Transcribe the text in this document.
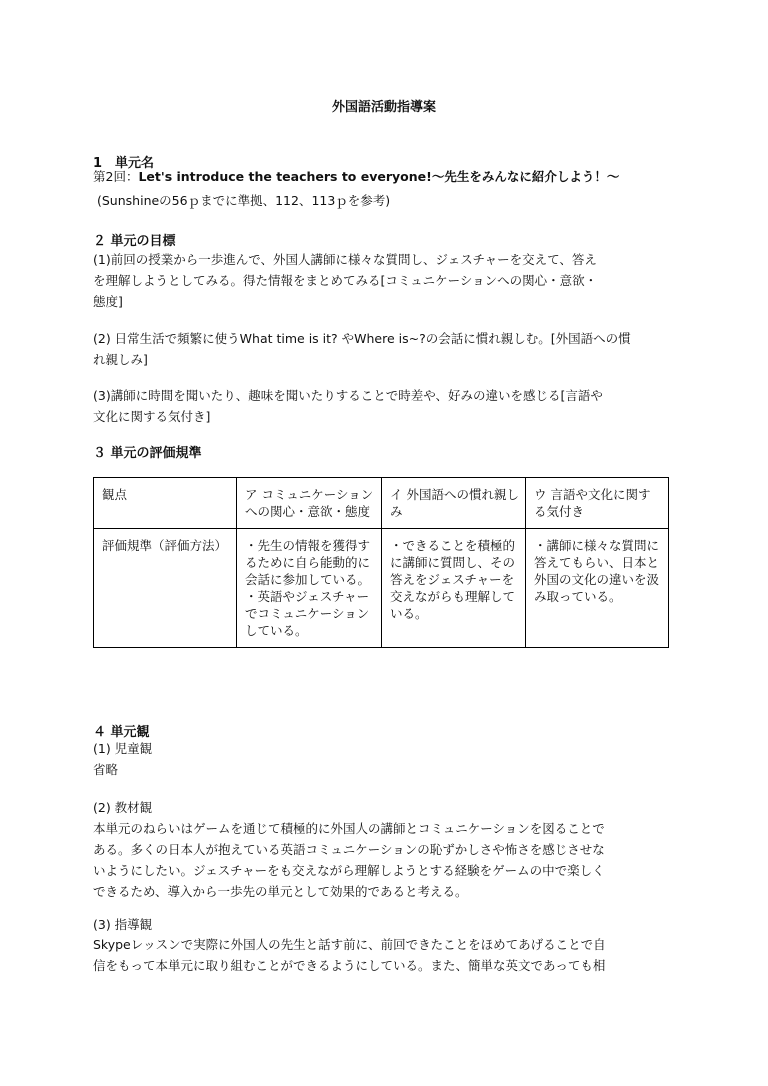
外国語活動指導案
1　単元名
第2回：Let's introduce the teachers to everyone!〜先生をみんなに紹介しよう！〜
(Sunshineの56ｐまでに準拠、112、113ｐを参考)
２ 単元の目標
(1)前回の授業から一歩進んで、外国人講師に様々な質問し、ジェスチャーを交えて、答え
を理解しようとしてみる。得た情報をまとめてみる[コミュニケーションへの関心・意欲・
態度]
(2) 日常生活で頻繁に使うWhat time is it? やWhere is~?の会話に慣れ親しむ。[外国語への慣
れ親しみ]
(3)講師に時間を聞いたり、趣味を聞いたりすることで時差や、好みの違いを感じる[言語や
文化に関する気付き]
３ 単元の評価規準
観点	ア コミュニケーションへの関心・意欲・態度	イ 外国語への慣れ親しみ	ウ 言語や文化に関する気付き

評価規準（評価方法）	・先生の情報を獲得するために自ら能動的に会話に参加している。
・英語やジェスチャーでコミュニケーションしている。	・できることを積極的に講師に質問し、その答えをジェスチャーを交えながらも理解している。	・講師に様々な質問に答えてもらい、日本と外国の文化の違いを汲み取っている。
４ 単元観
(1) 児童観
省略
(2) 教材観
本単元のねらいはゲームを通じて積極的に外国人の講師とコミュニケーションを図ることで
ある。多くの日本人が抱えている英語コミュニケーションの恥ずかしさや怖さを感じさせな
いようにしたい。ジェスチャーをも交えながら理解しようとする経験をゲームの中で楽しく
できるため、導入から一歩先の単元として効果的であると考える。
(3) 指導観
Skypeレッスンで実際に外国人の先生と話す前に、前回できたことをほめてあげることで自
信をもって本単元に取り組むことができるようにしている。また、簡単な英文であっても相
